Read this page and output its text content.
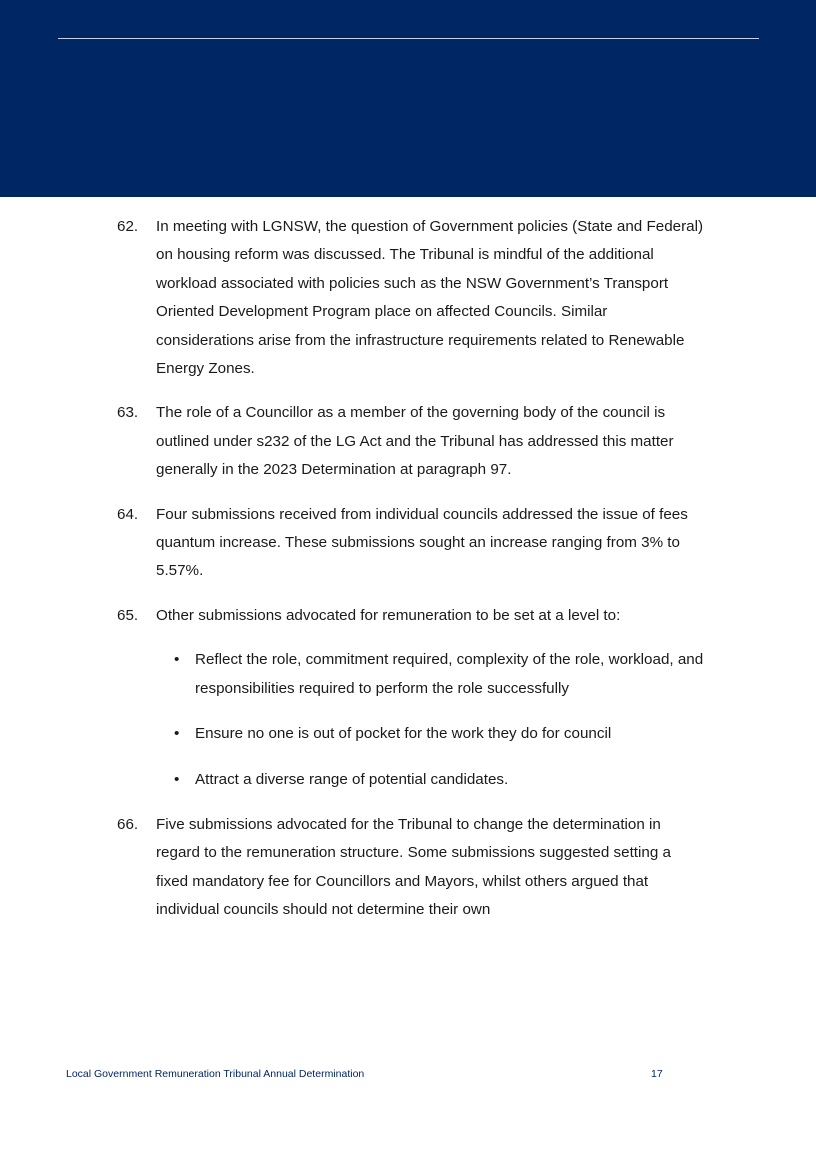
62.	In meeting with LGNSW, the question of Government policies (State and Federal) on housing reform was discussed. The Tribunal is mindful of the additional workload associated with policies such as the NSW Government’s Transport Oriented Development Program place on affected Councils. Similar considerations arise from the infrastructure requirements related to Renewable Energy Zones.
63.	The role of a Councillor as a member of the governing body of the council is outlined under s232 of the LG Act and the Tribunal has addressed this matter generally in the 2023 Determination at paragraph 97.
64.	Four submissions received from individual councils addressed the issue of fees quantum increase. These submissions sought an increase ranging from 3% to 5.57%.
65.	Other submissions advocated for remuneration to be set at a level to:
•	Reflect the role, commitment required, complexity of the role, workload, and responsibilities required to perform the role successfully
•	Ensure no one is out of pocket for the work they do for council
•	Attract a diverse range of potential candidates.
66.	Five submissions advocated for the Tribunal to change the determination in regard to the remuneration structure. Some submissions suggested setting a fixed mandatory fee for Councillors and Mayors, whilst others argued that individual councils should not determine their own
Local Government Remuneration Tribunal Annual Determination	17
